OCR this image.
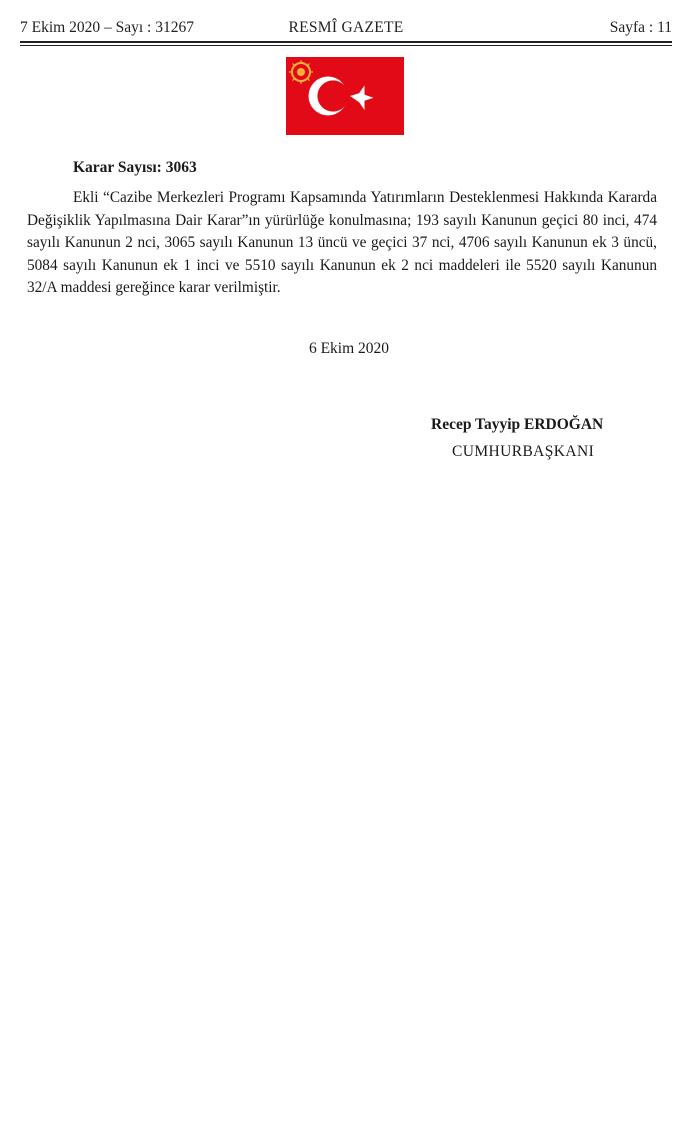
7 Ekim 2020 – Sayı : 31267	RESMÎ GAZETE	Sayfa : 11
Karar Sayısı: 3063
Ekli “Cazibe Merkezleri Programı Kapsamında Yatırımların Desteklenmesi Hakkında Kararda Değişiklik Yapılmasına Dair Karar”ın yürürlüğe konulmasına; 193 sayılı Kanunun geçici 80 inci, 474 sayılı Kanunun 2 nci, 3065 sayılı Kanunun 13 üncü ve geçici 37 nci, 4706 sayılı Kanunun ek 3 üncü, 5084 sayılı Kanunun ek 1 inci ve 5510 sayılı Kanunun ek 2 nci maddeleri ile 5520 sayılı Kanunun 32/A maddesi gereğince karar verilmiştir.
6 Ekim 2020
Recep Tayyip ERDOĞAN
CUMHURBAŞKANI
